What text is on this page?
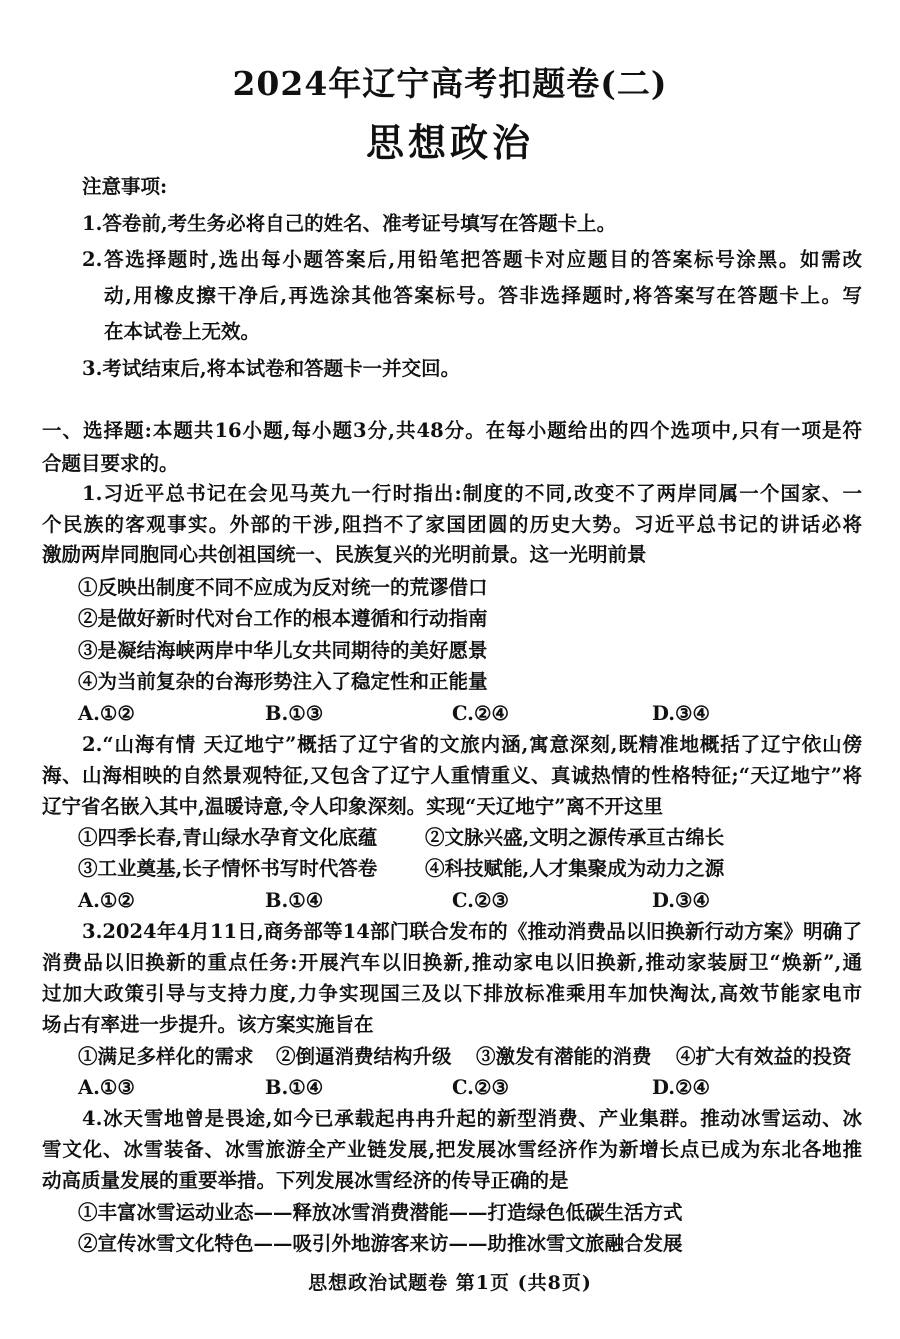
2024年辽宁高考扣题卷(二)
思想政治
注意事项:
1.答卷前,考生务必将自己的姓名、准考证号填写在答题卡上。
2.答选择题时,选出每小题答案后,用铅笔把答题卡对应题目的答案标号涂黑。如需改
动,用橡皮擦干净后,再选涂其他答案标号。答非选择题时,将答案写在答题卡上。写
在本试卷上无效。
3.考试结束后,将本试卷和答题卡一并交回。
一、选择题:本题共16小题,每小题3分,共48分。在每小题给出的四个选项中,只有一项是符
合题目要求的。
1.习近平总书记在会见马英九一行时指出:制度的不同,改变不了两岸同属一个国家、一
个民族的客观事实。外部的干涉,阻挡不了家国团圆的历史大势。习近平总书记的讲话必将
激励两岸同胞同心共创祖国统一、民族复兴的光明前景。这一光明前景
①反映出制度不同不应成为反对统一的荒谬借口
②是做好新时代对台工作的根本遵循和行动指南
③是凝结海峡两岸中华儿女共同期待的美好愿景
④为当前复杂的台海形势注入了稳定性和正能量
A.①②	B.①③	C.②④	D.③④
2.“山海有情 天辽地宁”概括了辽宁省的文旅内涵,寓意深刻,既精准地概括了辽宁依山傍
海、山海相映的自然景观特征,又包含了辽宁人重情重义、真诚热情的性格特征;“天辽地宁”将
辽宁省名嵌入其中,温暖诗意,令人印象深刻。实现“天辽地宁”离不开这里
①四季长春,青山绿水孕育文化底蕴 ②文脉兴盛,文明之源传承亘古绵长
③工业奠基,长子情怀书写时代答卷 ④科技赋能,人才集聚成为动力之源
A.①②	B.①④	C.②③	D.③④
3.2024年4月11日,商务部等14部门联合发布的《推动消费品以旧换新行动方案》明确了
消费品以旧换新的重点任务:开展汽车以旧换新,推动家电以旧换新,推动家装厨卫“焕新”,通
过加大政策引导与支持力度,力争实现国三及以下排放标准乘用车加快淘汰,高效节能家电市
场占有率进一步提升。该方案实施旨在
①满足多样化的需求 ②倒逼消费结构升级 ③激发有潜能的消费 ④扩大有效益的投资
A.①③	B.①④	C.②③	D.②④
4.冰天雪地曾是畏途,如今已承载起冉冉升起的新型消费、产业集群。推动冰雪运动、冰
雪文化、冰雪装备、冰雪旅游全产业链发展,把发展冰雪经济作为新增长点已成为东北各地推
动高质量发展的重要举措。下列发展冰雪经济的传导正确的是
①丰富冰雪运动业态——释放冰雪消费潜能——打造绿色低碳生活方式
②宣传冰雪文化特色——吸引外地游客来访——助推冰雪文旅融合发展
思想政治试题卷 第1页 (共8页)
